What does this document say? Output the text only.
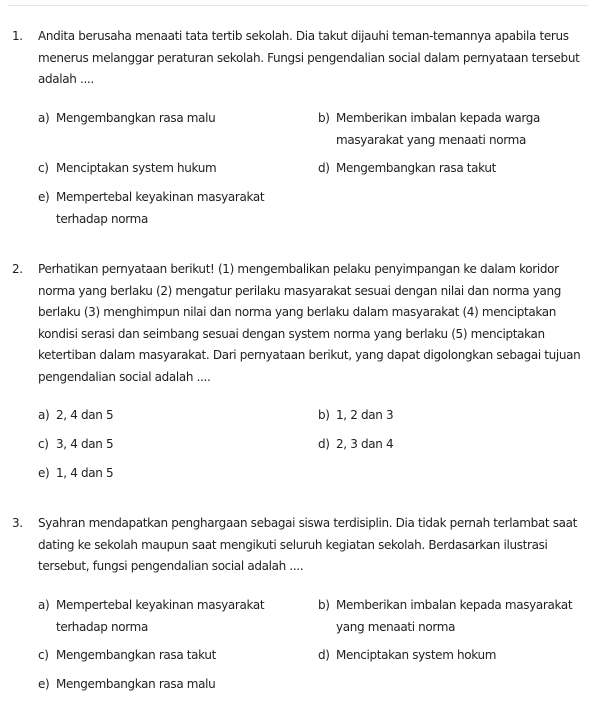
1. Andita berusaha menaati tata tertib sekolah. Dia takut dijauhi teman-temannya apabila terus menerus melanggar peraturan sekolah. Fungsi pengendalian social dalam pernyataan tersebut adalah ....

a) Mengembangkan rasa malu	b) Memberikan imbalan kepada warga masyarakat yang menaati norma
c) Menciptakan system hukum	d) Mengembangkan rasa takut
e) Mempertebal keyakinan masyarakat terhadap norma
2. Perhatikan pernyataan berikut! (1) mengembalikan pelaku penyimpangan ke dalam koridor norma yang berlaku (2) mengatur perilaku masyarakat sesuai dengan nilai dan norma yang berlaku (3) menghimpun nilai dan norma yang berlaku dalam masyarakat (4) menciptakan kondisi serasi dan seimbang sesuai dengan system norma yang berlaku (5) menciptakan ketertiban dalam masyarakat. Dari pernyataan berikut, yang dapat digolongkan sebagai tujuan pengendalian social adalah ....

a) 2, 4 dan 5	b) 1, 2 dan 3
c) 3, 4 dan 5	d) 2, 3 dan 4
e) 1, 4 dan 5
3. Syahran mendapatkan penghargaan sebagai siswa terdisiplin. Dia tidak pernah terlambat saat dating ke sekolah maupun saat mengikuti seluruh kegiatan sekolah. Berdasarkan ilustrasi tersebut, fungsi pengendalian social adalah ....

a) Mempertebal keyakinan masyarakat terhadap norma
b) Memberikan imbalan kepada masyarakat yang menaati norma
c) Mengembangkan rasa takut	d) Menciptakan system hokum
e) Mengembangkan rasa malu
